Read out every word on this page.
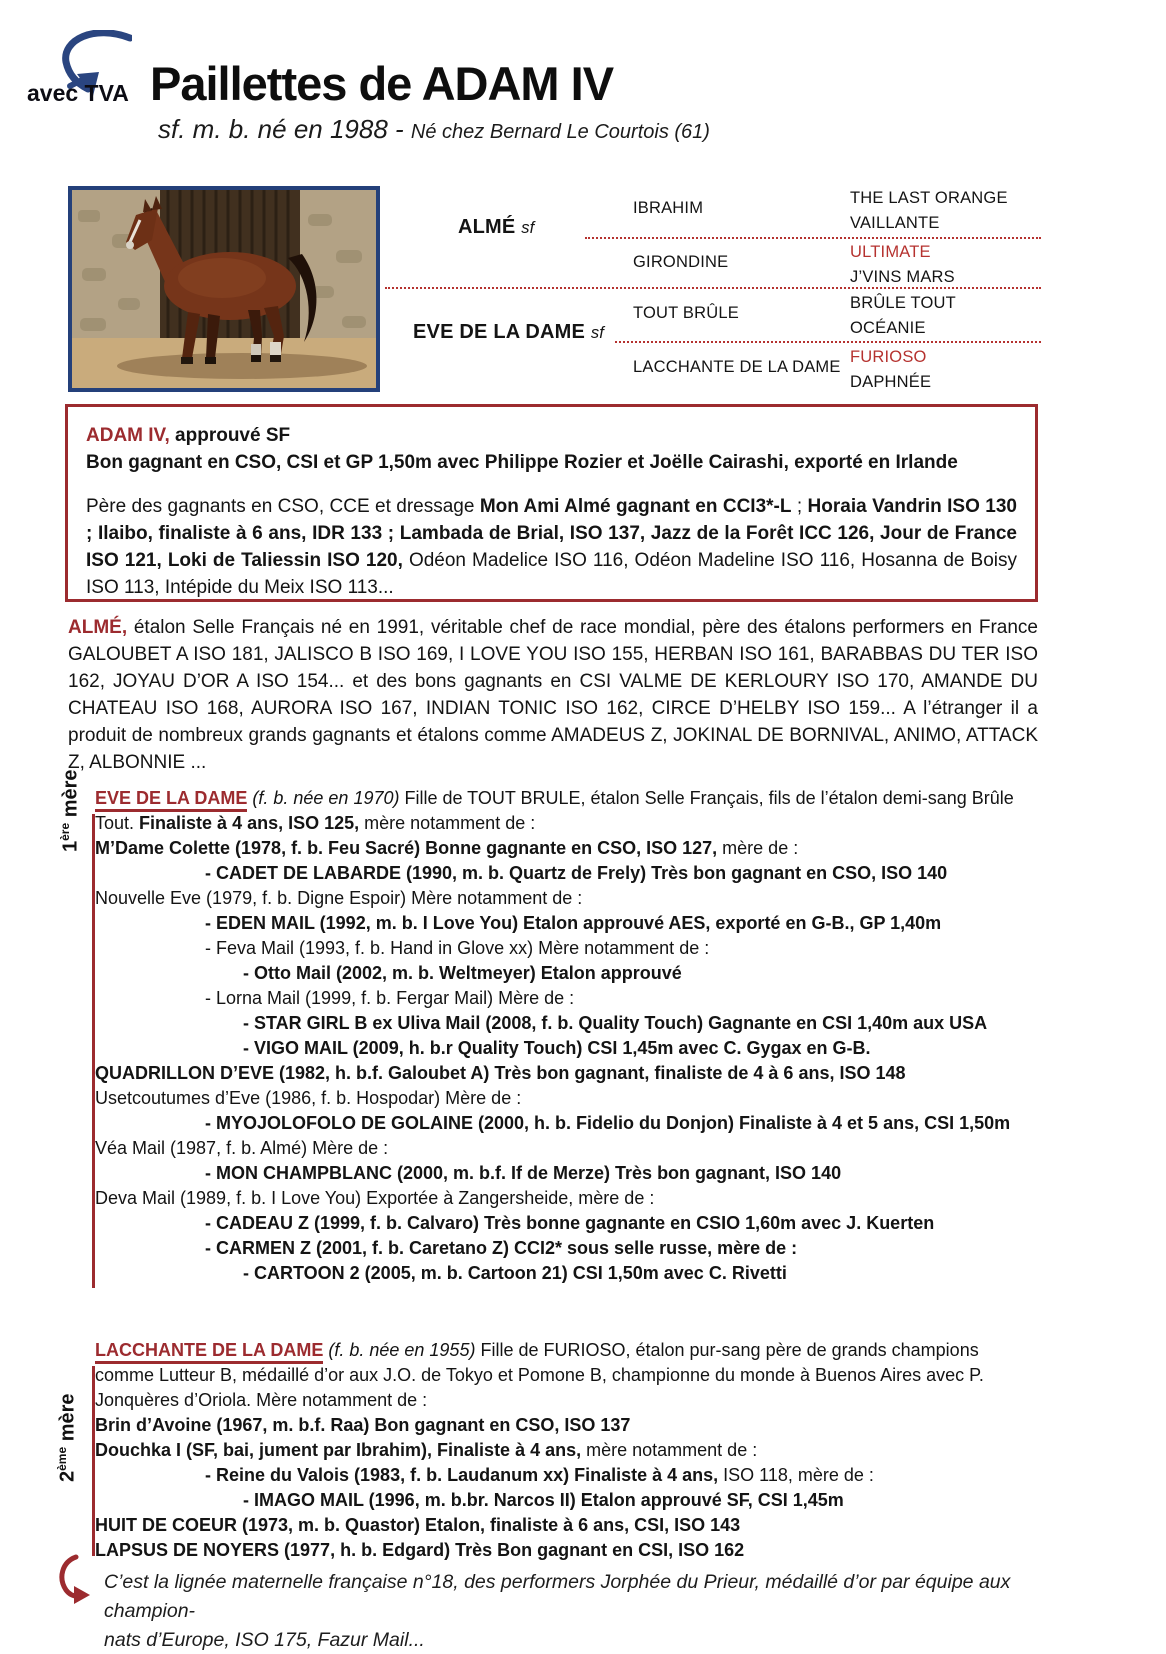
avec TVA Paillettes de ADAM IV
sf. m. b. né en 1988 - Né chez Bernard Le Courtois (61)
ALMÉ sf
EVE DE LA DAME sf
IBRAHIM
GIRONDINE
TOUT BRÛLE
LACCHANTE DE LA DAME
THE LAST ORANGE
VAILLANTE
ULTIMATE
J’VINS MARS
BRÛLE TOUT
OCÉANIE
FURIOSO
DAPHNÉE
ADAM IV, approuvé SF
Bon gagnant en CSO, CSI et GP 1,50m avec Philippe Rozier et Joëlle Cairashi, exporté en Irlande

Père des gagnants en CSO, CCE et dressage Mon Ami Almé gagnant en CCI3*-L ; Horaia Vandrin ISO 130 ; Ilaibo, finaliste à 6 ans, IDR 133 ; Lambada de Brial, ISO 137, Jazz de la Forêt ICC 126, Jour de France ISO 121, Loki de Taliessin ISO 120, Odéon Madelice ISO 116, Odéon Madeline ISO 116, Hosanna de Boisy ISO 113, Intépide du Meix ISO 113...

ALMÉ, étalon Selle Français né en 1991, véritable chef de race mondial, père des étalons performers en France GALOUBET A ISO 181, JALISCO B ISO 169, I LOVE YOU ISO 155, HERBAN ISO 161, BARABBAS DU TER ISO 162, JOYAU D’OR A ISO 154... et des bons gagnants en CSI VALME DE KERLOURY ISO 170, AMANDE DU CHATEAU ISO 168, AURORA ISO 167, INDIAN TONIC ISO 162, CIRCE D’HELBY ISO 159... A l’étranger il a produit de nombreux grands gagnants et étalons comme AMADEUS Z, JOKINAL DE BORNIVAL, ANIMO, ATTACK Z, ALBONNIE ...

1ère mère EVE DE LA DAME (f. b. née en 1970) Fille de TOUT BRULE, étalon Selle Français, fils de l’étalon demi-sang Brûle Tout. Finaliste à 4 ans, ISO 125, mère notamment de :

M’Dame Colette (1978, f. b. Feu Sacré) Bonne gagnante en CSO, ISO 127, mère de :
- CADET DE LABARDE (1990, m. b. Quartz de Frely) Très bon gagnant en CSO, ISO 140
Nouvelle Eve (1979, f. b. Digne Espoir) Mère notamment de :
- EDEN MAIL (1992, m. b. I Love You) Etalon approuvé AES, exporté en G-B., GP 1,40m
- Feva Mail (1993, f. b. Hand in Glove xx) Mère notamment de :
- Otto Mail (2002, m. b. Weltmeyer) Etalon approuvé
- Lorna Mail (1999, f. b. Fergar Mail) Mère de :
- STAR GIRL B ex Uliva Mail (2008, f. b. Quality Touch) Gagnante en CSI 1,40m aux USA
- VIGO MAIL (2009, h. b.r Quality Touch) CSI 1,45m avec C. Gygax en G-B.
QUADRILLON D’EVE (1982, h. b.f. Galoubet A) Très bon gagnant, finaliste de 4 à 6 ans, ISO 148
Usetcoutumes d’Eve (1986, f. b. Hospodar) Mère de :
- MYOJOLOFOLO DE GOLAINE (2000, h. b. Fidelio du Donjon) Finaliste à 4 et 5 ans, CSI 1,50m
Véa Mail (1987, f. b. Almé) Mère de :
- MON CHAMPBLANC (2000, m. b.f. If de Merze) Très bon gagnant, ISO 140
Deva Mail (1989, f. b. I Love You) Exportée à Zangersheide, mère de :
- CADEAU Z (1999, f. b. Calvaro) Très bonne gagnante en CSIO 1,60m avec J. Kuerten
- CARMEN Z (2001, f. b. Caretano Z) CCI2* sous selle russe, mère de :
- CARTOON 2 (2005, m. b. Cartoon 21) CSI 1,50m avec C. Rivetti
2ème mère

LACCHANTE DE LA DAME (f. b. née en 1955) Fille de FURIOSO, étalon pur-sang père de grands champions comme Lutteur B, médaillé d’or aux J.O. de Tokyo et Pomone B, championne du monde à Buenos Aires avec P. Jonquères d’Oriola. Mère notamment de :

Brin d’Avoine (1967, m. b.f. Raa) Bon gagnant en CSO, ISO 137
Douchka I (SF, bai, jument par Ibrahim), Finaliste à 4 ans, mère notamment de :
- Reine du Valois (1983, f. b. Laudanum xx) Finaliste à 4 ans, ISO 118, mère de :
- IMAGO MAIL (1996, m. b.br. Narcos II) Etalon approuvé SF, CSI 1,45m
HUIT DE COEUR (1973, m. b. Quastor) Etalon, finaliste à 6 ans, CSI, ISO 143
LAPSUS DE NOYERS (1977, h. b. Edgard) Très Bon gagnant en CSI, ISO 162
C’est la lignée maternelle française n°18, des performers Jorphée du Prieur, médaillé d’or par équipe aux champion-
nats d’Europe, ISO 175, Fazur Mail...
